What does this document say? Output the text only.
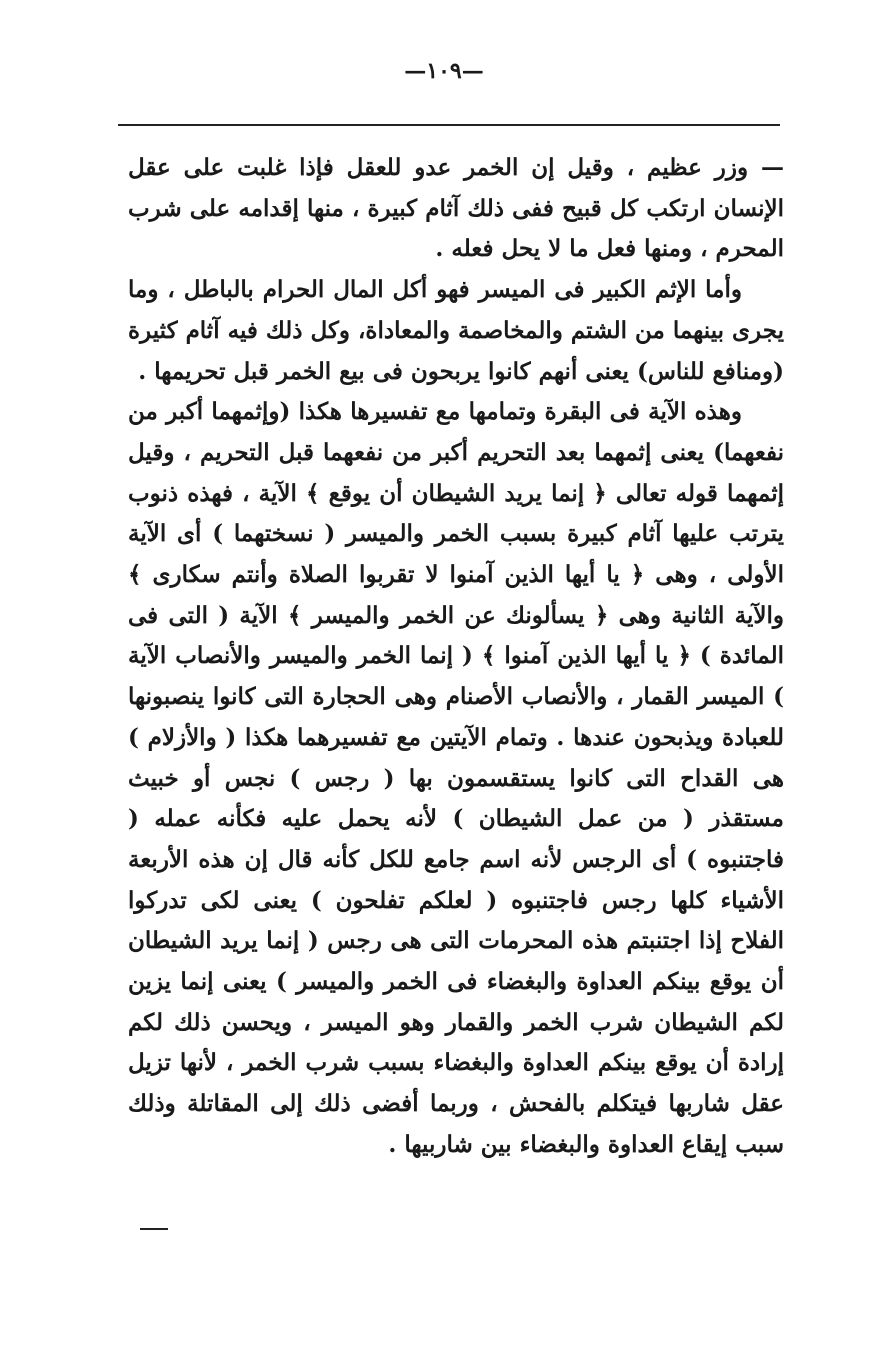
—١٠٩—

— وزر عظيم ، وقيل إن الخمر عدو للعقل فإذا غلبت على عقل الإنسان ارتكب كل قبيح ففى ذلك آثام كبيرة ، منها إقدامه على شرب المحرم ، ومنها فعل ما لا يحل فعله .

وأما الإثم الكبير فى الميسر فهو أكل المال الحرام بالباطل ، وما يجرى بينهما من الشتم والمخاصمة والمعاداة، وكل ذلك فيه آثام كثيرة (ومنافع للناس) يعنى أنهم كانوا يربحون فى بيع الخمر قبل تحريمها .

وهذه الآية فى البقرة وتمامها مع تفسيرها هكذا (وإثمهما أكبر من نفعهما) يعنى إثمهما بعد التحريم أكبر من نفعهما قبل التحريم ، وقيل إثمهما قوله تعالى ﴿ إنما يريد الشيطان أن يوقع ﴾ الآية ، فهذه ذنوب يترتب عليها آثام كبيرة بسبب الخمر والميسر ( نسختهما ) أى الآية الأولى ، وهى ﴿ يا أيها الذين آمنوا لا تقربوا الصلاة وأنتم سكارى ﴾ والآية الثانية وهى ﴿ يسألونك عن الخمر والميسر ﴾ الآية ( التى فى المائدة ) ﴿ يا أيها الذين آمنوا ﴾ ( إنما الخمر والميسر والأنصاب الآية ) الميسر القمار ، والأنصاب الأصنام وهى الحجارة التى كانوا ينصبونها للعبادة ويذبحون عندها . وتمام الآيتين مع تفسيرهما هكذا ( والأزلام ) هى القداح التى كانوا يستقسمون بها ( رجس ) نجس أو خبيث مستقذر ( من عمل الشيطان ) لأنه يحمل عليه فكأنه عمله ( فاجتنبوه ) أى الرجس لأنه اسم جامع للكل كأنه قال إن هذه الأربعة الأشياء كلها رجس فاجتنبوه ( لعلكم تفلحون ) يعنى لكى تدركوا الفلاح إذا اجتنبتم هذه المحرمات التى هى رجس ( إنما يريد الشيطان أن يوقع بينكم العداوة والبغضاء فى الخمر والميسر ) يعنى إنما يزين لكم الشيطان شرب الخمر والقمار وهو الميسر ، ويحسن ذلك لكم إرادة أن يوقع بينكم العداوة والبغضاء بسبب شرب الخمر ، لأنها تزيل عقل شاربها فيتكلم بالفحش ، وربما أفضى ذلك إلى المقاتلة وذلك سبب إيقاع العداوة والبغضاء بين شاربيها .
